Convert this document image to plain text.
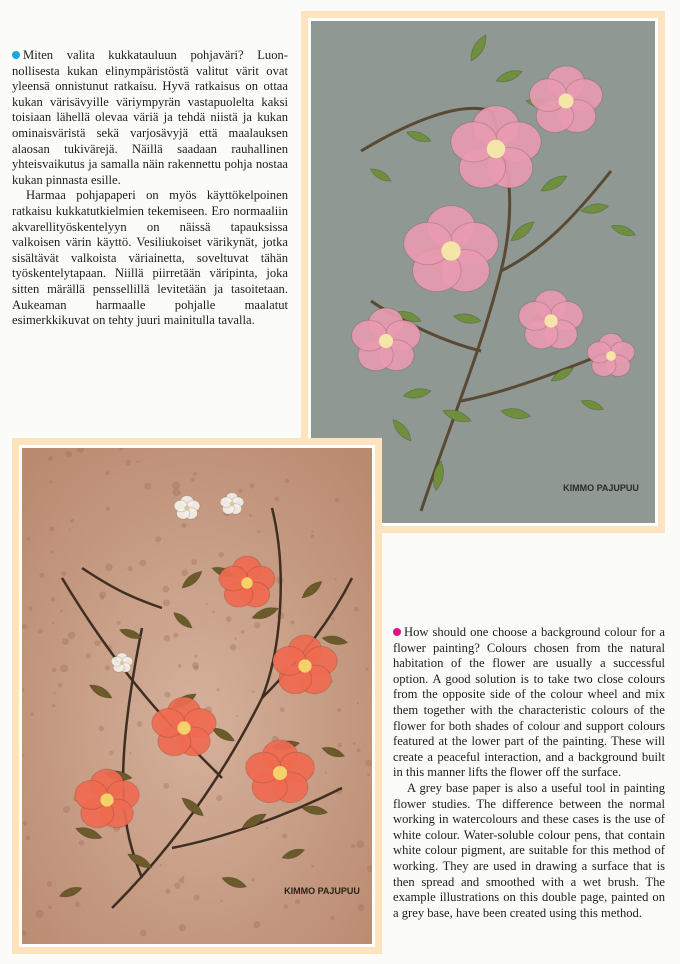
Miten valita kukkatauluun pohjaväri? Luonnollisesta kukan elinympäristöstä valitut värit ovat yleensä onnistunut ratkaisu. Hyvä ratkaisus on ottaa kukan värisävyille väriympyrän vastapuolelta kaksi toisiaan lähellä olevaa väriä ja tehdä niistä ja kukan ominaisväristä sekä varjosävyjä että maalauksen alaosan tukivärejä. Näillä saadaan rauhallinen yhteisvaikutus ja samalla näin rakennettu pohja nostaa kukan pinnasta esille.

Harmaa pohjapaperi on myös käyttökelpoinen ratkaisu kukkatutkielmien tekemiseen. Ero normaaliin akvarellityöskentelyyn on näissä tapauksissa valkoisen värin käyttö. Vesiliukoiset värikynät, jotka sisältävät valkoista väriainetta, soveltuvat tähän työskentelytapaan. Niillä piirretään väripinta, joka sitten märällä penssellillä levitetään ja tasoitetaan. Aukeaman harmaalle pohjalle maalatut esimerkkikuvat on tehty juuri mainitulla tavalla.

KIMMO PAJUPUU
KIMMO PAJUPUU

How should one choose a background colour for a flower painting? Colours chosen from the natural habitation of the flower are usually a successful option. A good solution is to take two close colours from the opposite side of the colour wheel and mix them together with the characteristic colours of the flower for both shades of colour and support colours featured at the lower part of the painting. These will create a peaceful interaction, and a background built in this manner lifts the flower off the surface.

A grey base paper is also a useful tool in painting flower studies. The difference between the normal working in watercolours and these cases is the use of white colour. Water-soluble colour pens, that contain white colour pigment, are suitable for this method of working. They are used in drawing a surface that is then spread and smoothed with a wet brush. The example illustrations on this double page, painted on a grey base, have been created using this method.
